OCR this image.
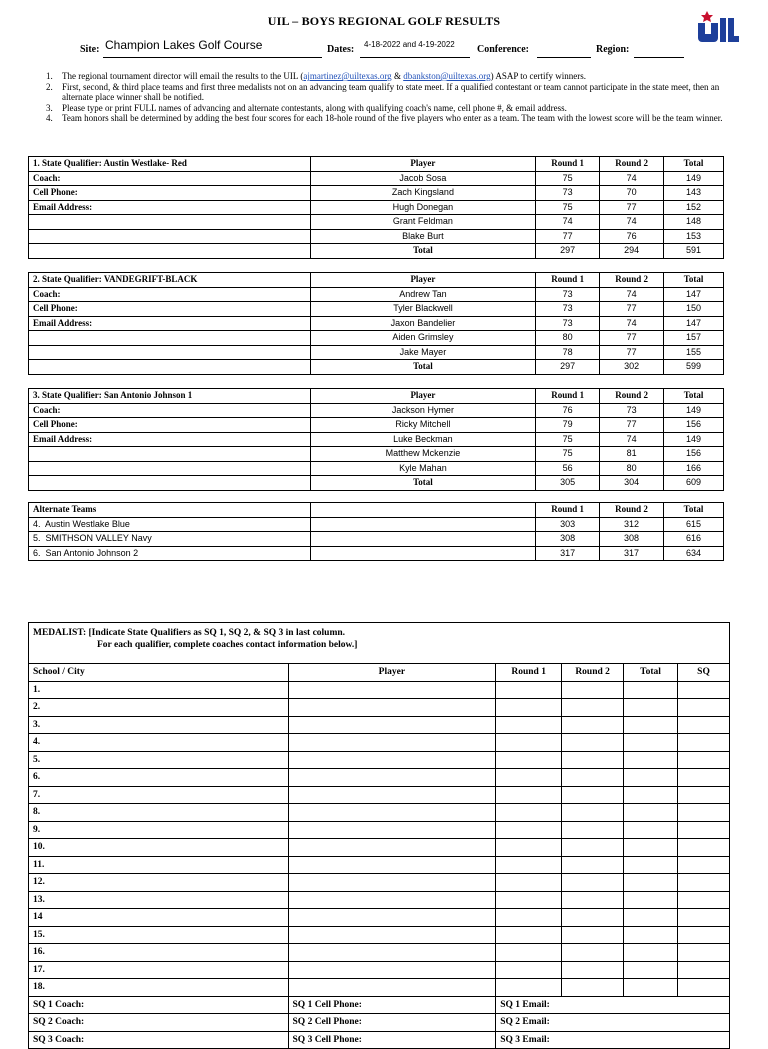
UIL – BOYS REGIONAL GOLF RESULTS
Site: Champion Lakes Golf Course	Dates: 4-18-2022 and 4-19-2022 Conference:	Region:
1. The regional tournament director will email the results to the UIL (ajmartinez@uiltexas.org & dbankston@uiltexas.org) ASAP to certify winners.
2. First, second, & third place teams and first three medalists not on an advancing team qualify to state meet. If a qualified contestant or team cannot participate in the state meet, then an alternate place winner shall be notified.
3. Please type or print FULL names of advancing and alternate contestants, along with qualifying coach's name, cell phone #, & email address.
4. Team honors shall be determined by adding the best four scores for each 18-hole round of the five players who enter as a team. The team with the lowest score will be the team winner.
1. State Qualifier: Austin Westlake- Red	Player	Round 1	Round 2	Total
Coach:	Jacob Sosa	75	74	149
Cell Phone:	Zach Kingsland	73	70	143
Email Address:	Hugh Donegan	75	77	152
	Grant Feldman	74	74	148
	Blake Burt	77	76	153
	Total	297	294	591
2. State Qualifier: VANDEGRIFT-BLACK	Player	Round 1	Round 2	Total
Coach:	Andrew Tan	73	74	147
Cell Phone:	Tyler Blackwell	73	77	150
Email Address:	Jaxon Bandelier	73	74	147
	Aiden Grimsley	80	77	157
	Jake Mayer	78	77	155
	Total	297	302	599
3. State Qualifier: San Antonio Johnson 1	Player	Round 1	Round 2	Total
Coach:	Jackson Hymer	76	73	149
Cell Phone:	Ricky Mitchell	79	77	156
Email Address:	Luke Beckman	75	74	149
	Matthew Mckenzie	75	81	156
	Kyle Mahan	56	80	166
	Total	305	304	609
Alternate Teams		Round 1	Round 2	Total
4. Austin Westlake Blue		303	312	615
5. SMITHSON VALLEY Navy		308	308	616
6. San Antonio Johnson 2		317	317	634
MEDALIST: [Indicate State Qualifiers as SQ 1, SQ 2, & SQ 3 in last column.
For each qualifier, complete coaches contact information below.]					

School / City	Player	Round 1	Round 2	Total	SQ
1.					
2.					
3.					
4.					
5.					
6.					
7.					
8.					
9.					
10.					
11.					
12.					
13.					
14					
15.					
16.					
17.					
18.					
SQ 1 Coach:	SQ 1 Cell Phone:	SQ 1 Email:			
SQ 2 Coach:	SQ 2 Cell Phone:	SQ 2 Email:			
SQ 3 Coach:	SQ 3 Cell Phone:	SQ 3 Email:			
